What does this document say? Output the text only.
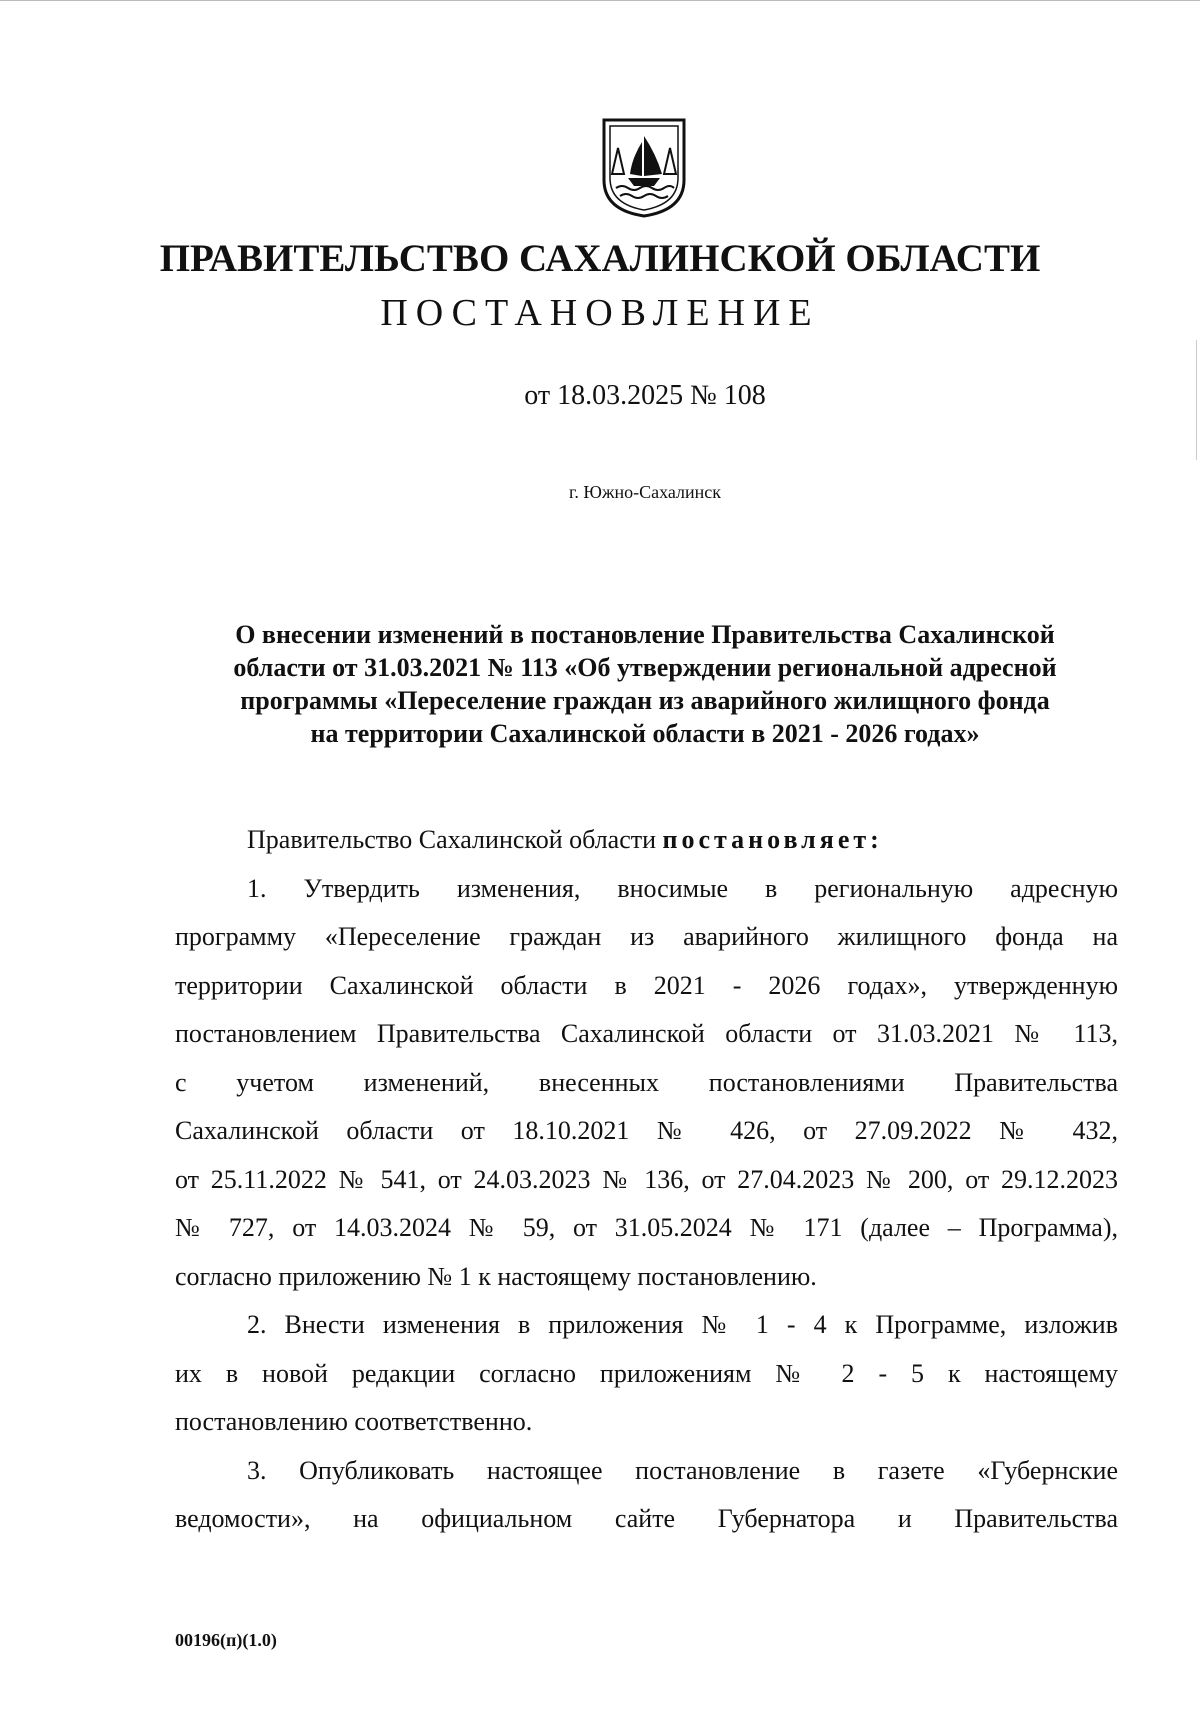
ПРАВИТЕЛЬСТВО САХАЛИНСКОЙ ОБЛАСТИ
ПОСТАНОВЛЕНИЕ
от 18.03.2025 № 108
г. Южно-Сахалинск
О внесении изменений в постановление Правительства Сахалинской
области от 31.03.2021 № 113 «Об утверждении региональной адресной
программы «Переселение граждан из аварийного жилищного фонда
на территории Сахалинской области в 2021 - 2026 годах»
Правительство Сахалинской области постановляет:
1. Утвердить изменения, вносимые в региональную адресную
программу «Переселение граждан из аварийного жилищного фонда на
территории Сахалинской области в 2021 - 2026 годах», утвержденную
постановлением Правительства Сахалинской области от 31.03.2021 № 113,
с учетом изменений, внесенных постановлениями Правительства
Сахалинской области от 18.10.2021 № 426, от 27.09.2022 № 432,
от 25.11.2022 № 541, от 24.03.2023 № 136, от 27.04.2023 № 200, от 29.12.2023
№ 727, от 14.03.2024 № 59, от 31.05.2024 № 171 (далее – Программа),
согласно приложению № 1 к настоящему постановлению.
2. Внести изменения в приложения № 1 - 4 к Программе, изложив
их в новой редакции согласно приложениям № 2 - 5 к настоящему
постановлению соответственно.
3. Опубликовать настоящее постановление в газете «Губернские
ведомости», на официальном сайте Губернатора и Правительства
00196(п)(1.0)
